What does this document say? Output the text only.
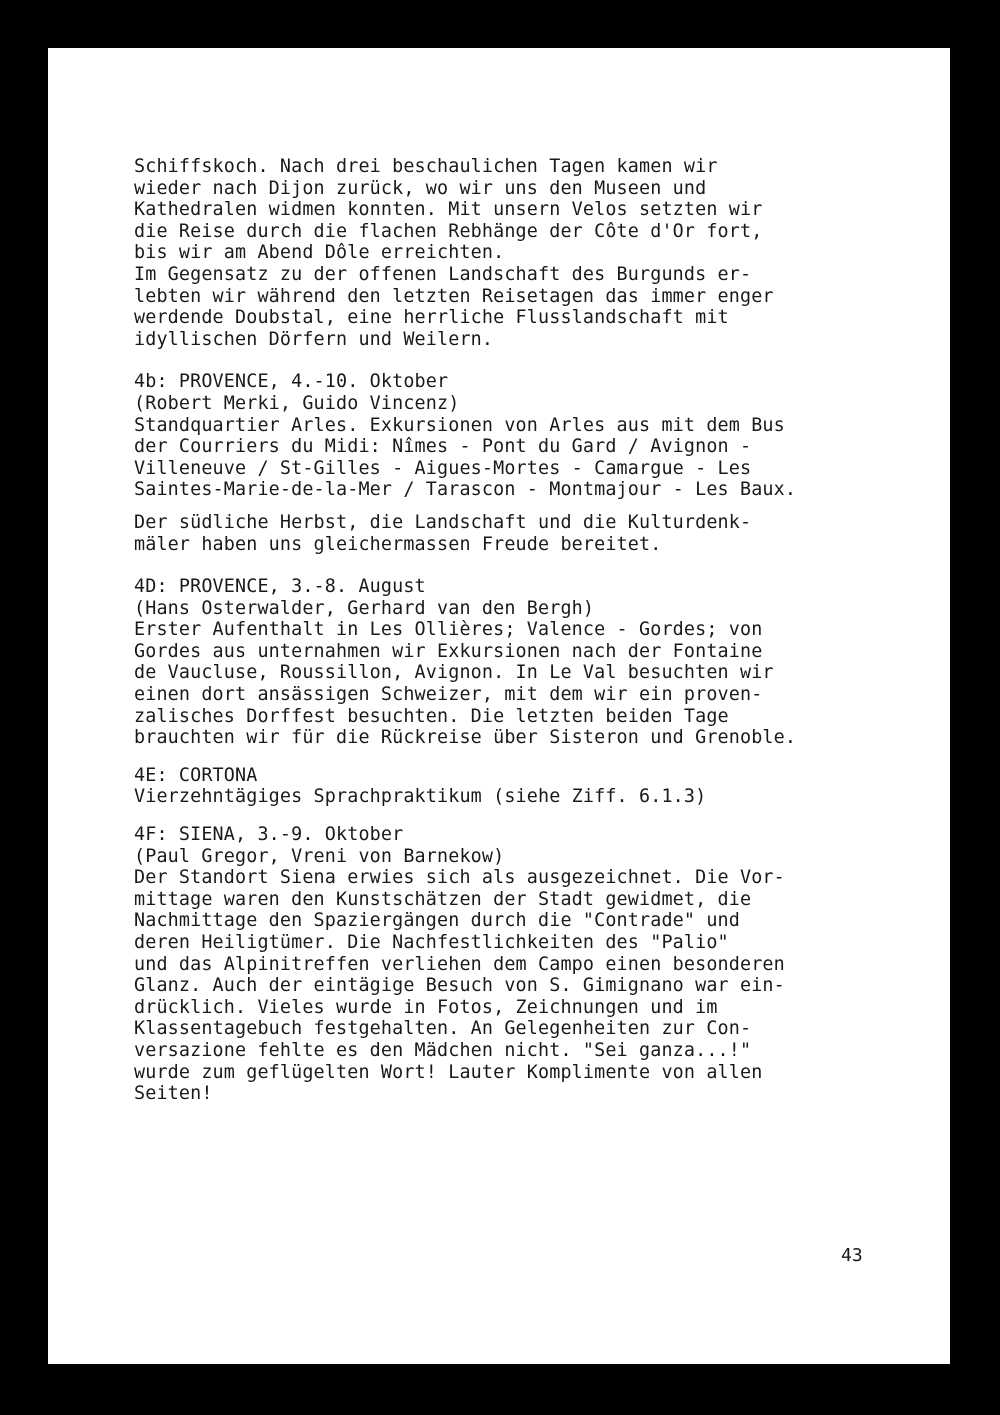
Schiffskoch. Nach drei beschaulichen Tagen kamen wir
wieder nach Dijon zurück, wo wir uns den Museen und
Kathedralen widmen konnten. Mit unsern Velos setzten wir
die Reise durch die flachen Rebhänge der Côte d'Or fort,
bis wir am Abend Dôle erreichten.
Im Gegensatz zu der offenen Landschaft des Burgunds er-
lebten wir während den letzten Reisetagen das immer enger
werdende Doubstal, eine herrliche Flusslandschaft mit
idyllischen Dörfern und Weilern.
4b: PROVENCE, 4.-10. Oktober
(Robert Merki, Guido Vincenz)
Standquartier Arles. Exkursionen von Arles aus mit dem Bus
der Courriers du Midi: Nîmes - Pont du Gard / Avignon -
Villeneuve / St-Gilles - Aigues-Mortes - Camargue - Les
Saintes-Marie-de-la-Mer / Tarascon - Montmajour - Les Baux.
Der südliche Herbst, die Landschaft und die Kulturdenk-
mäler haben uns gleichermassen Freude bereitet.
4D: PROVENCE, 3.-8. August
(Hans Osterwalder, Gerhard van den Bergh)
Erster Aufenthalt in Les Ollières; Valence - Gordes; von
Gordes aus unternahmen wir Exkursionen nach der Fontaine
de Vaucluse, Roussillon, Avignon. In Le Val besuchten wir
einen dort ansässigen Schweizer, mit dem wir ein proven-
zalisches Dorffest besuchten. Die letzten beiden Tage
brauchten wir für die Rückreise über Sisteron und Grenoble.
4E: CORTONA
Vierzehntägiges Sprachpraktikum (siehe Ziff. 6.1.3)
4F: SIENA, 3.-9. Oktober
(Paul Gregor, Vreni von Barnekow)
Der Standort Siena erwies sich als ausgezeichnet. Die Vor-
mittage waren den Kunstschätzen der Stadt gewidmet, die
Nachmittage den Spaziergängen durch die "Contrade" und
deren Heiligtümer. Die Nachfestlichkeiten des "Palio"
und das Alpinitreffen verliehen dem Campo einen besonderen
Glanz. Auch der eintägige Besuch von S. Gimignano war ein-
drücklich. Vieles wurde in Fotos, Zeichnungen und im
Klassentagebuch festgehalten. An Gelegenheiten zur Con-
versazione fehlte es den Mädchen nicht. "Sei ganza...!"
wurde zum geflügelten Wort! Lauter Komplimente von allen
Seiten!
43
